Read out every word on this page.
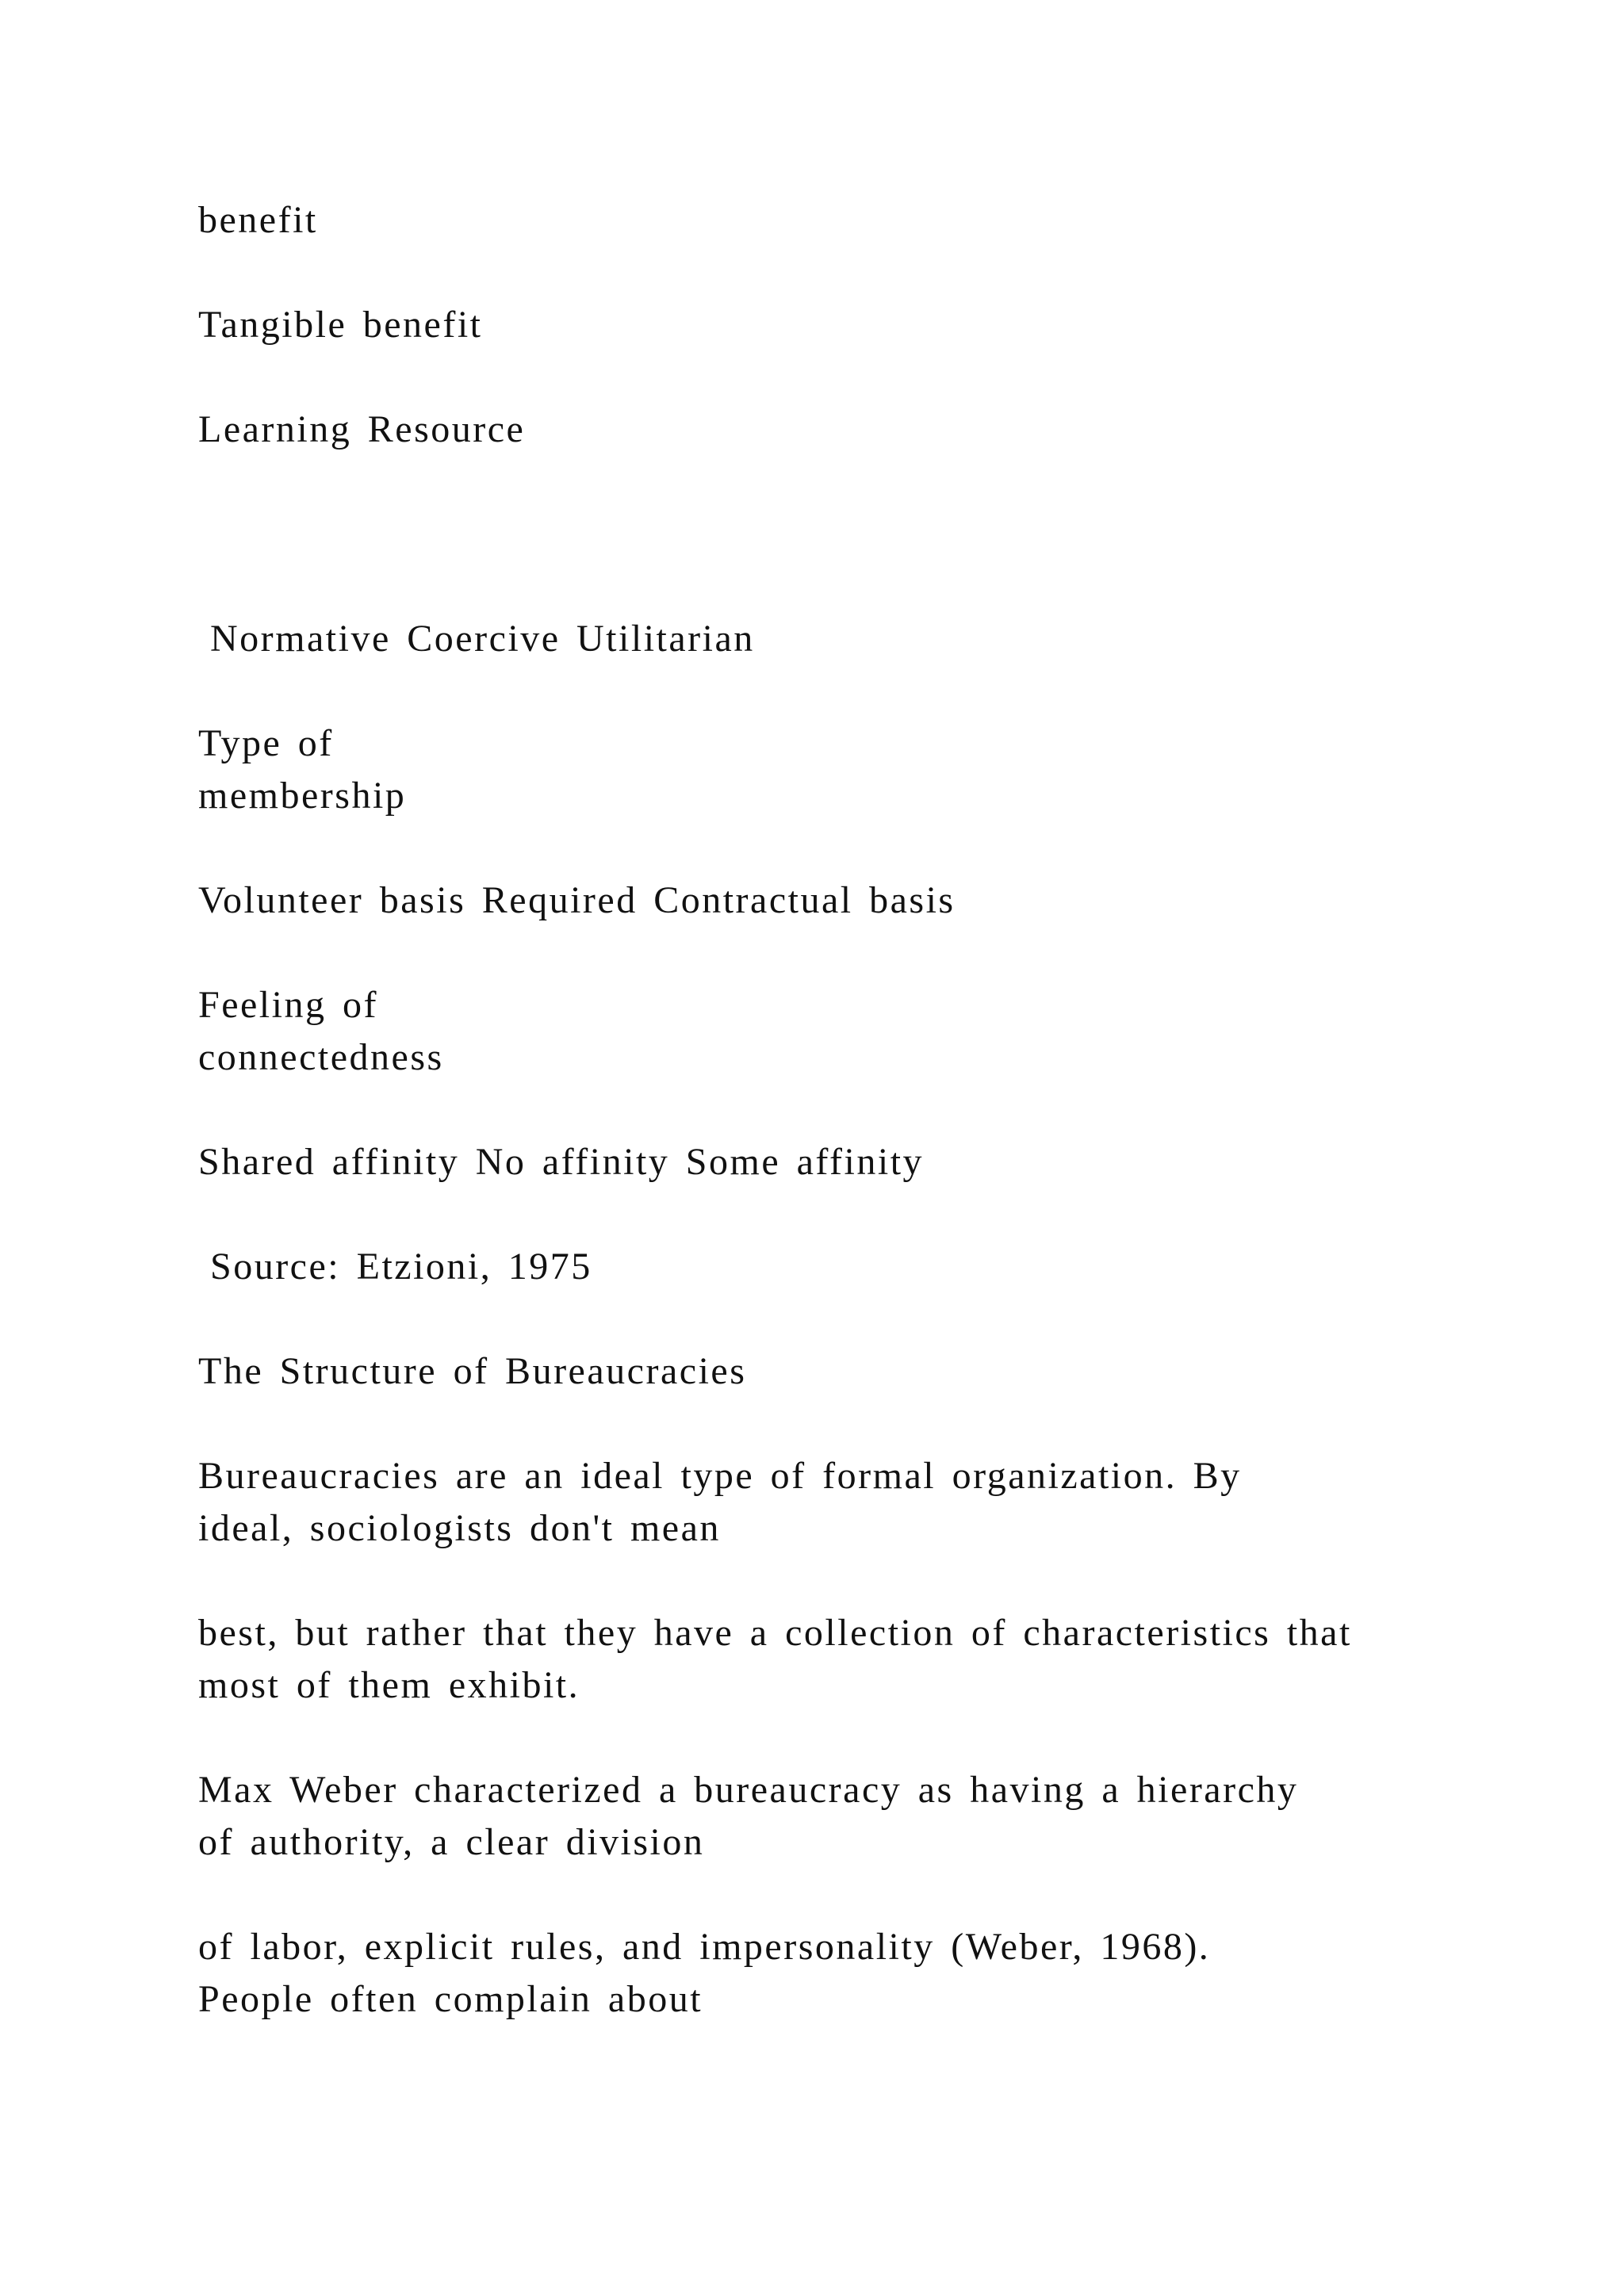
benefit

Tangible benefit

Learning Resource

Normative Coercive Utilitarian

Type of

membership

Volunteer basis Required Contractual basis

Feeling of

connectedness

Shared affinity No affinity Some affinity

Source: Etzioni, 1975

The Structure of Bureaucracies

Bureaucracies are an ideal type of formal organization. By

ideal, sociologists don't mean

best, but rather that they have a collection of characteristics that

most of them exhibit.

Max Weber characterized a bureaucracy as having a hierarchy

of authority, a clear division

of labor, explicit rules, and impersonality (Weber, 1968).

People often complain about
